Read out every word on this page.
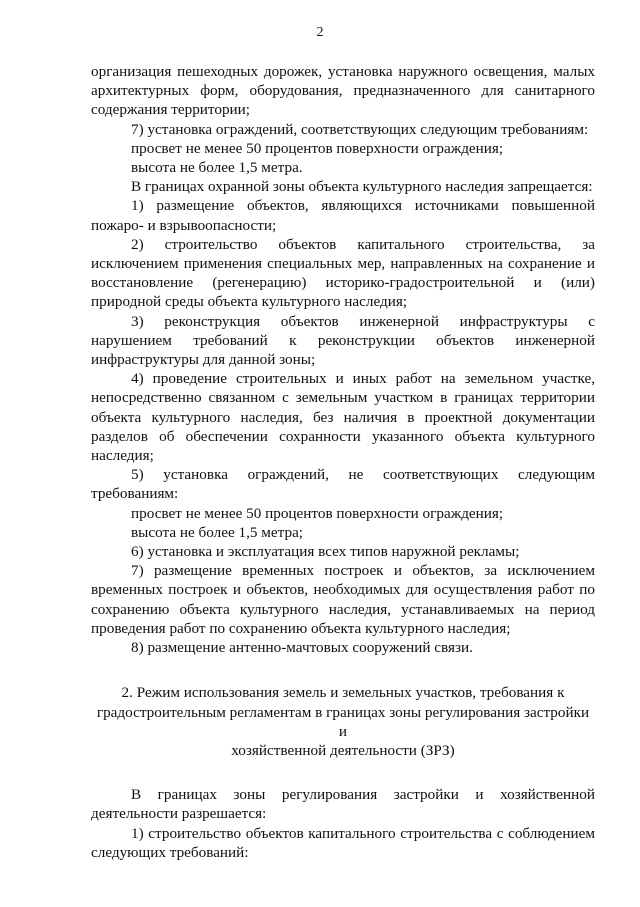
2

организация пешеходных дорожек, установка наружного освещения, малых архитектурных форм, оборудования, предназначенного для санитарного содержания территории;

7) установка ограждений, соответствующих следующим требованиям:

просвет не менее 50 процентов поверхности ограждения;

высота не более 1,5 метра.

В границах охранной зоны объекта культурного наследия запрещается:

1) размещение объектов, являющихся источниками повышенной пожаро- и взрывоопасности;

2) строительство объектов капитального строительства, за исключением применения специальных мер, направленных на сохранение и восстановление (регенерацию) историко-градостроительной и (или) природной среды объекта культурного наследия;

3) реконструкция объектов инженерной инфраструктуры с нарушением требований к реконструкции объектов инженерной инфраструктуры для данной зоны;

4) проведение строительных и иных работ на земельном участке, непосредственно связанном с земельным участком в границах территории объекта культурного наследия, без наличия в проектной документации разделов об обеспечении сохранности указанного объекта культурного наследия;

5) установка ограждений, не соответствующих следующим требованиям:

просвет не менее 50 процентов поверхности ограждения;

высота не более 1,5 метра;

6) установка и эксплуатация всех типов наружной рекламы;

7) размещение временных построек и объектов, за исключением временных построек и объектов, необходимых для осуществления работ по сохранению объекта культурного наследия, устанавливаемых на период проведения работ по сохранению объекта культурного наследия;

8) размещение антенно-мачтовых сооружений связи.

2. Режим использования земель и земельных участков, требования к
градостроительным регламентам в границах зоны регулирования застройки и
хозяйственной деятельности (ЗРЗ)

В границах зоны регулирования застройки и хозяйственной деятельности разрешается:

1) строительство объектов капитального строительства с соблюдением следующих требований:
